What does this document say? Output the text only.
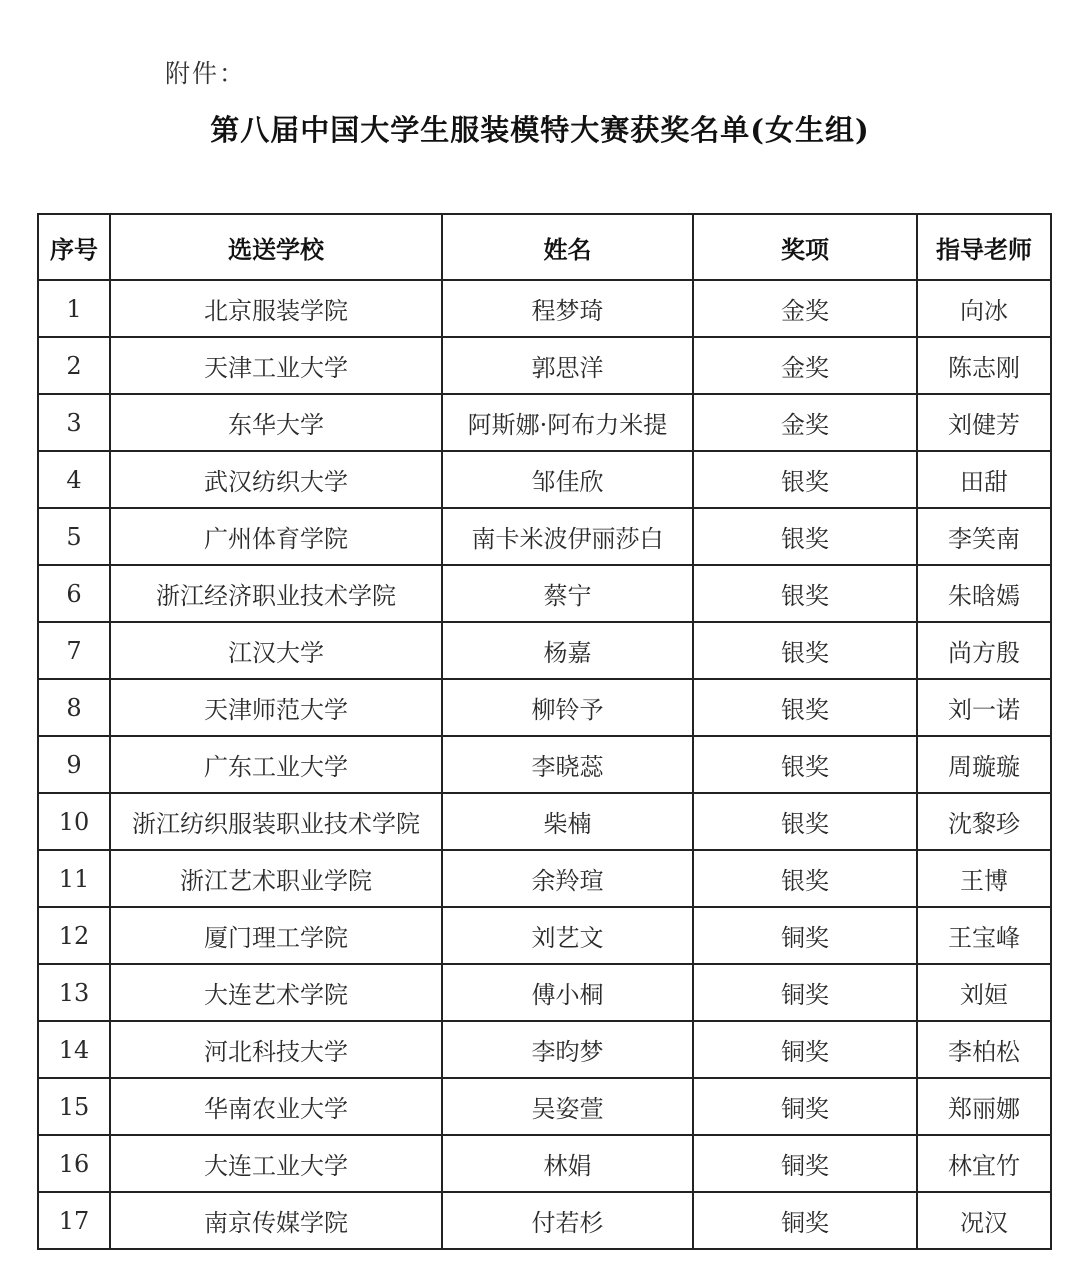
附件：
第八届中国大学生服装模特大赛获奖名单(女生组)
序号	选送学校	姓名	奖项	指导老师
1	北京服装学院	程梦琦	金奖	向冰
2	天津工业大学	郭思洋	金奖	陈志刚
3	东华大学	阿斯娜·阿布力米提	金奖	刘健芳
4	武汉纺织大学	邹佳欣	银奖	田甜
5	广州体育学院	南卡米波伊丽莎白	银奖	李笑南
6	浙江经济职业技术学院	蔡宁	银奖	朱晗嫣
7	江汉大学	杨嘉	银奖	尚方殷
8	天津师范大学	柳铃予	银奖	刘一诺
9	广东工业大学	李晓蕊	银奖	周璇璇
10	浙江纺织服装职业技术学院	柴楠	银奖	沈黎珍
11	浙江艺术职业学院	余羚瑄	银奖	王博
12	厦门理工学院	刘艺文	铜奖	王宝峰
13	大连艺术学院	傅小桐	铜奖	刘姮
14	河北科技大学	李昀梦	铜奖	李柏松
15	华南农业大学	吴姿萱	铜奖	郑丽娜
16	大连工业大学	林娟	铜奖	林宜竹
17	南京传媒学院	付若杉	铜奖	况汉
